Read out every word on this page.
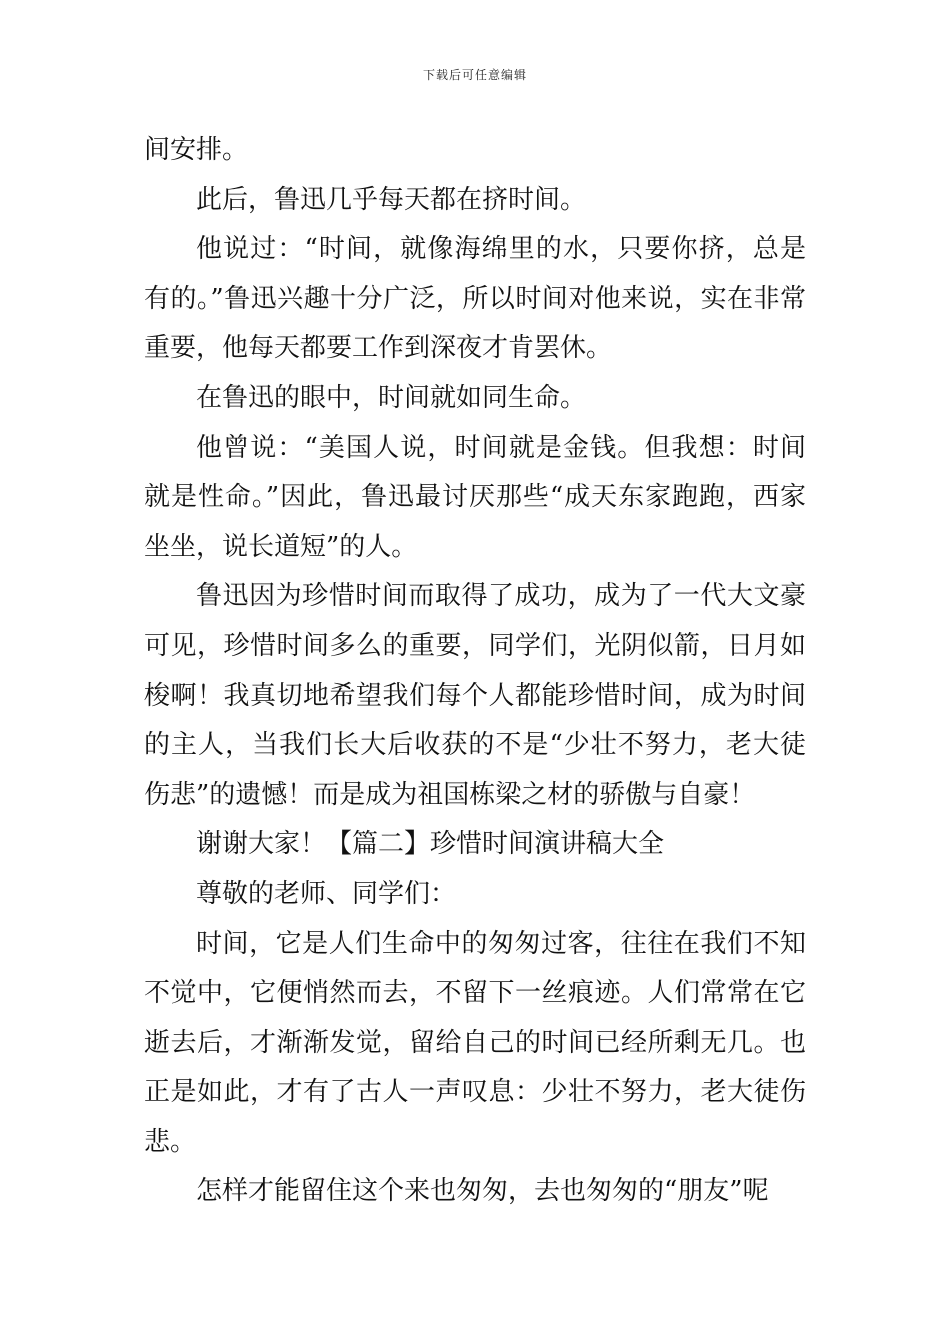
下载后可任意编辑

间安排。

此后，鲁迅几乎每天都在挤时间。

他说过：“时间，就像海绵里的水，只要你挤，总是有的。”鲁迅兴趣十分广泛，所以时间对他来说，实在非常重要，他每天都要工作到深夜才肯罢休。

在鲁迅的眼中，时间就如同生命。

他曾说：“美国人说，时间就是金钱。但我想：时间就是性命。”因此，鲁迅最讨厌那些“成天东家跑跑，西家坐坐，说长道短”的人。

鲁迅因为珍惜时间而取得了成功，成为了一代大文豪可见，珍惜时间多么的重要，同学们，光阴似箭，日月如梭啊！我真切地希望我们每个人都能珍惜时间，成为时间的主人，当我们长大后收获的不是“少壮不努力，老大徒伤悲”的遗憾！而是成为祖国栋梁之材的骄傲与自豪！

谢谢大家！【篇二】珍惜时间演讲稿大全

尊敬的老师、同学们：

时间，它是人们生命中的匆匆过客，往往在我们不知不觉中，它便悄然而去，不留下一丝痕迹。人们常常在它逝去后，才渐渐发觉，留给自己的时间已经所剩无几。也正是如此，才有了古人一声叹息：少壮不努力，老大徒伤悲。

怎样才能留住这个来也匆匆，去也匆匆的“朋友”呢
